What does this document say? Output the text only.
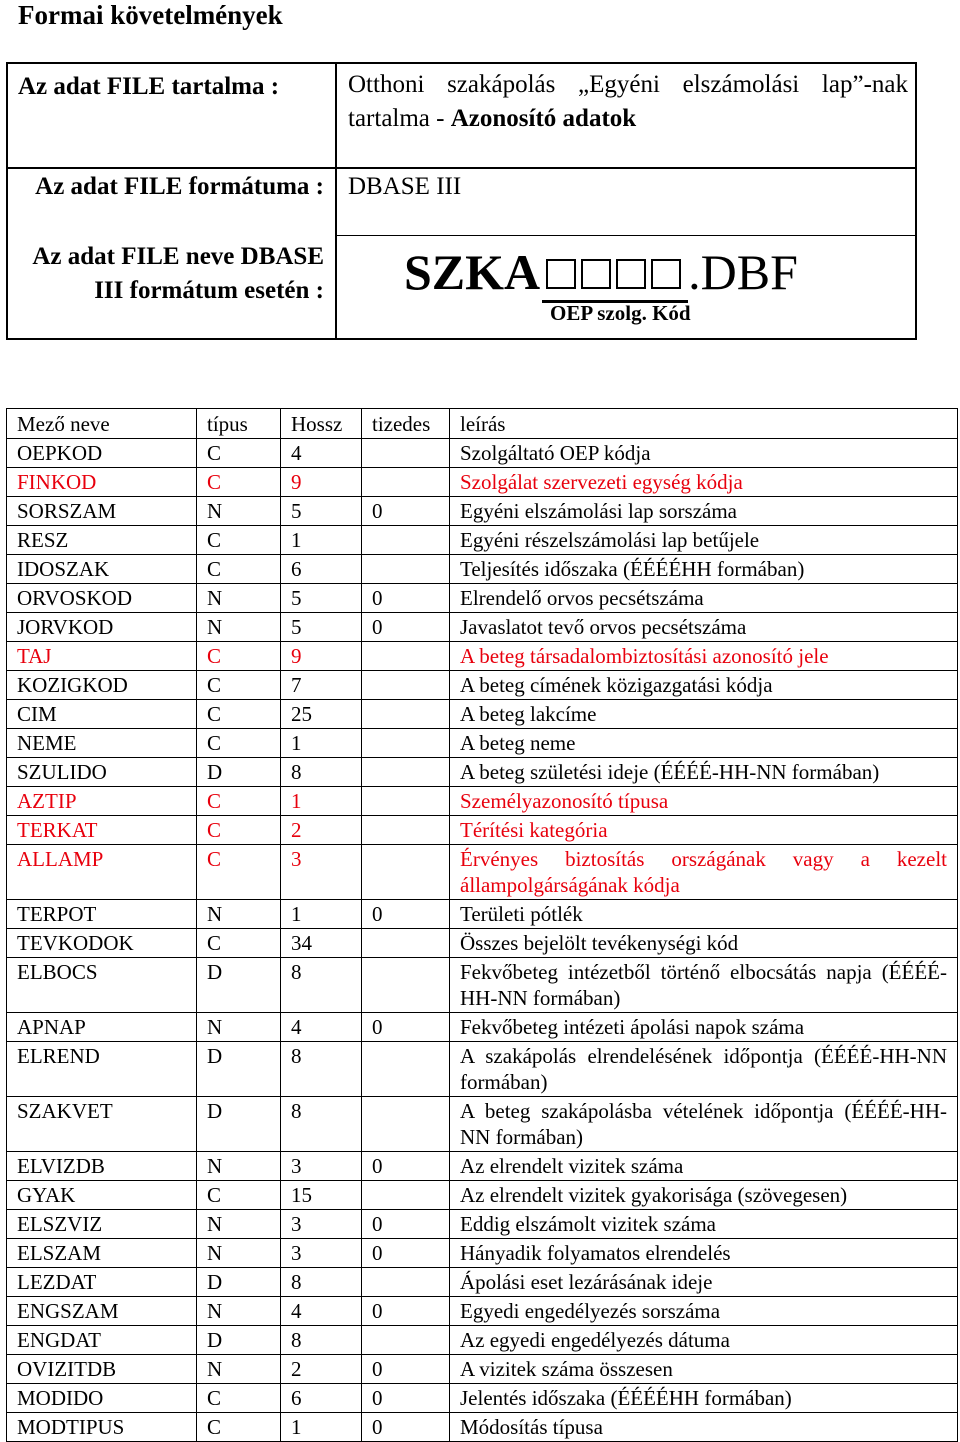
Formai követelmények
Az adat FILE tartalma :	Otthoni szakápolás „Egyéni elszámolási lap”-nak tartalma - Azonosító adatok
Az adat FILE formátuma : DBASE III
Az adat FILE neve DBASE III formátum esetén : SZKA	.DBF
OEP szolg. Kód
Mező neve	típus	Hossz	tizedes	leírás
OEPKOD	C	4		Szolgáltató OEP kódja
FINKOD	C	9		Szolgálat szervezeti egység kódja
SORSZAM	N	5	0	Egyéni elszámolási lap sorszáma
RESZ	C	1		Egyéni részelszámolási lap betűjele
IDOSZAK	C	6		Teljesítés időszaka (ÉÉÉÉHH formában)
ORVOSKOD	N	5	0	Elrendelő orvos pecsétszáma
JORVKOD	N	5	0	Javaslatot tevő orvos pecsétszáma
TAJ	C	9		A beteg társadalombiztosítási azonosító jele
KOZIGKOD	C	7		A beteg címének közigazgatási kódja
CIM	C	25		A beteg lakcíme
NEME	C	1		A beteg neme
SZULIDO	D	8		A beteg születési ideje (ÉÉÉÉ-HH-NN formában)
AZTIP	C	1		Személyazonosító típusa
TERKAT	C	2		Térítési kategória
ALLAMP	C	3		Érvényes biztosítás országának vagy a kezelt állampolgárságának kódja
TERPOT	N	1	0	Területi pótlék
TEVKODOK	C	34		Összes bejelölt tevékenységi kód
ELBOCS	D	8		Fekvőbeteg intézetből történő elbocsátás napja (ÉÉÉÉ-HH-NN formában)
APNAP	N	4	0	Fekvőbeteg intézeti ápolási napok száma
ELREND	D	8		A szakápolás elrendelésének időpontja (ÉÉÉÉ-HH-NN formában)
SZAKVET	D	8		A beteg szakápolásba vételének időpontja (ÉÉÉÉ-HH-NN formában)
ELVIZDB	N	3	0	Az elrendelt vizitek száma
GYAK	C	15		Az elrendelt vizitek gyakorisága (szövegesen)
ELSZVIZ	N	3	0	Eddig elszámolt vizitek száma
ELSZAM	N	3	0	Hányadik folyamatos elrendelés
LEZDAT	D	8		Ápolási eset lezárásának ideje
ENGSZAM	N	4	0	Egyedi engedélyezés sorszáma
ENGDAT	D	8		Az egyedi engedélyezés dátuma
OVIZITDB	N	2	0	A vizitek száma összesen
MODIDO	C	6	0	Jelentés időszaka (ÉÉÉÉHH formában)
MODTIPUS	C	1	0	Módosítás típusa
